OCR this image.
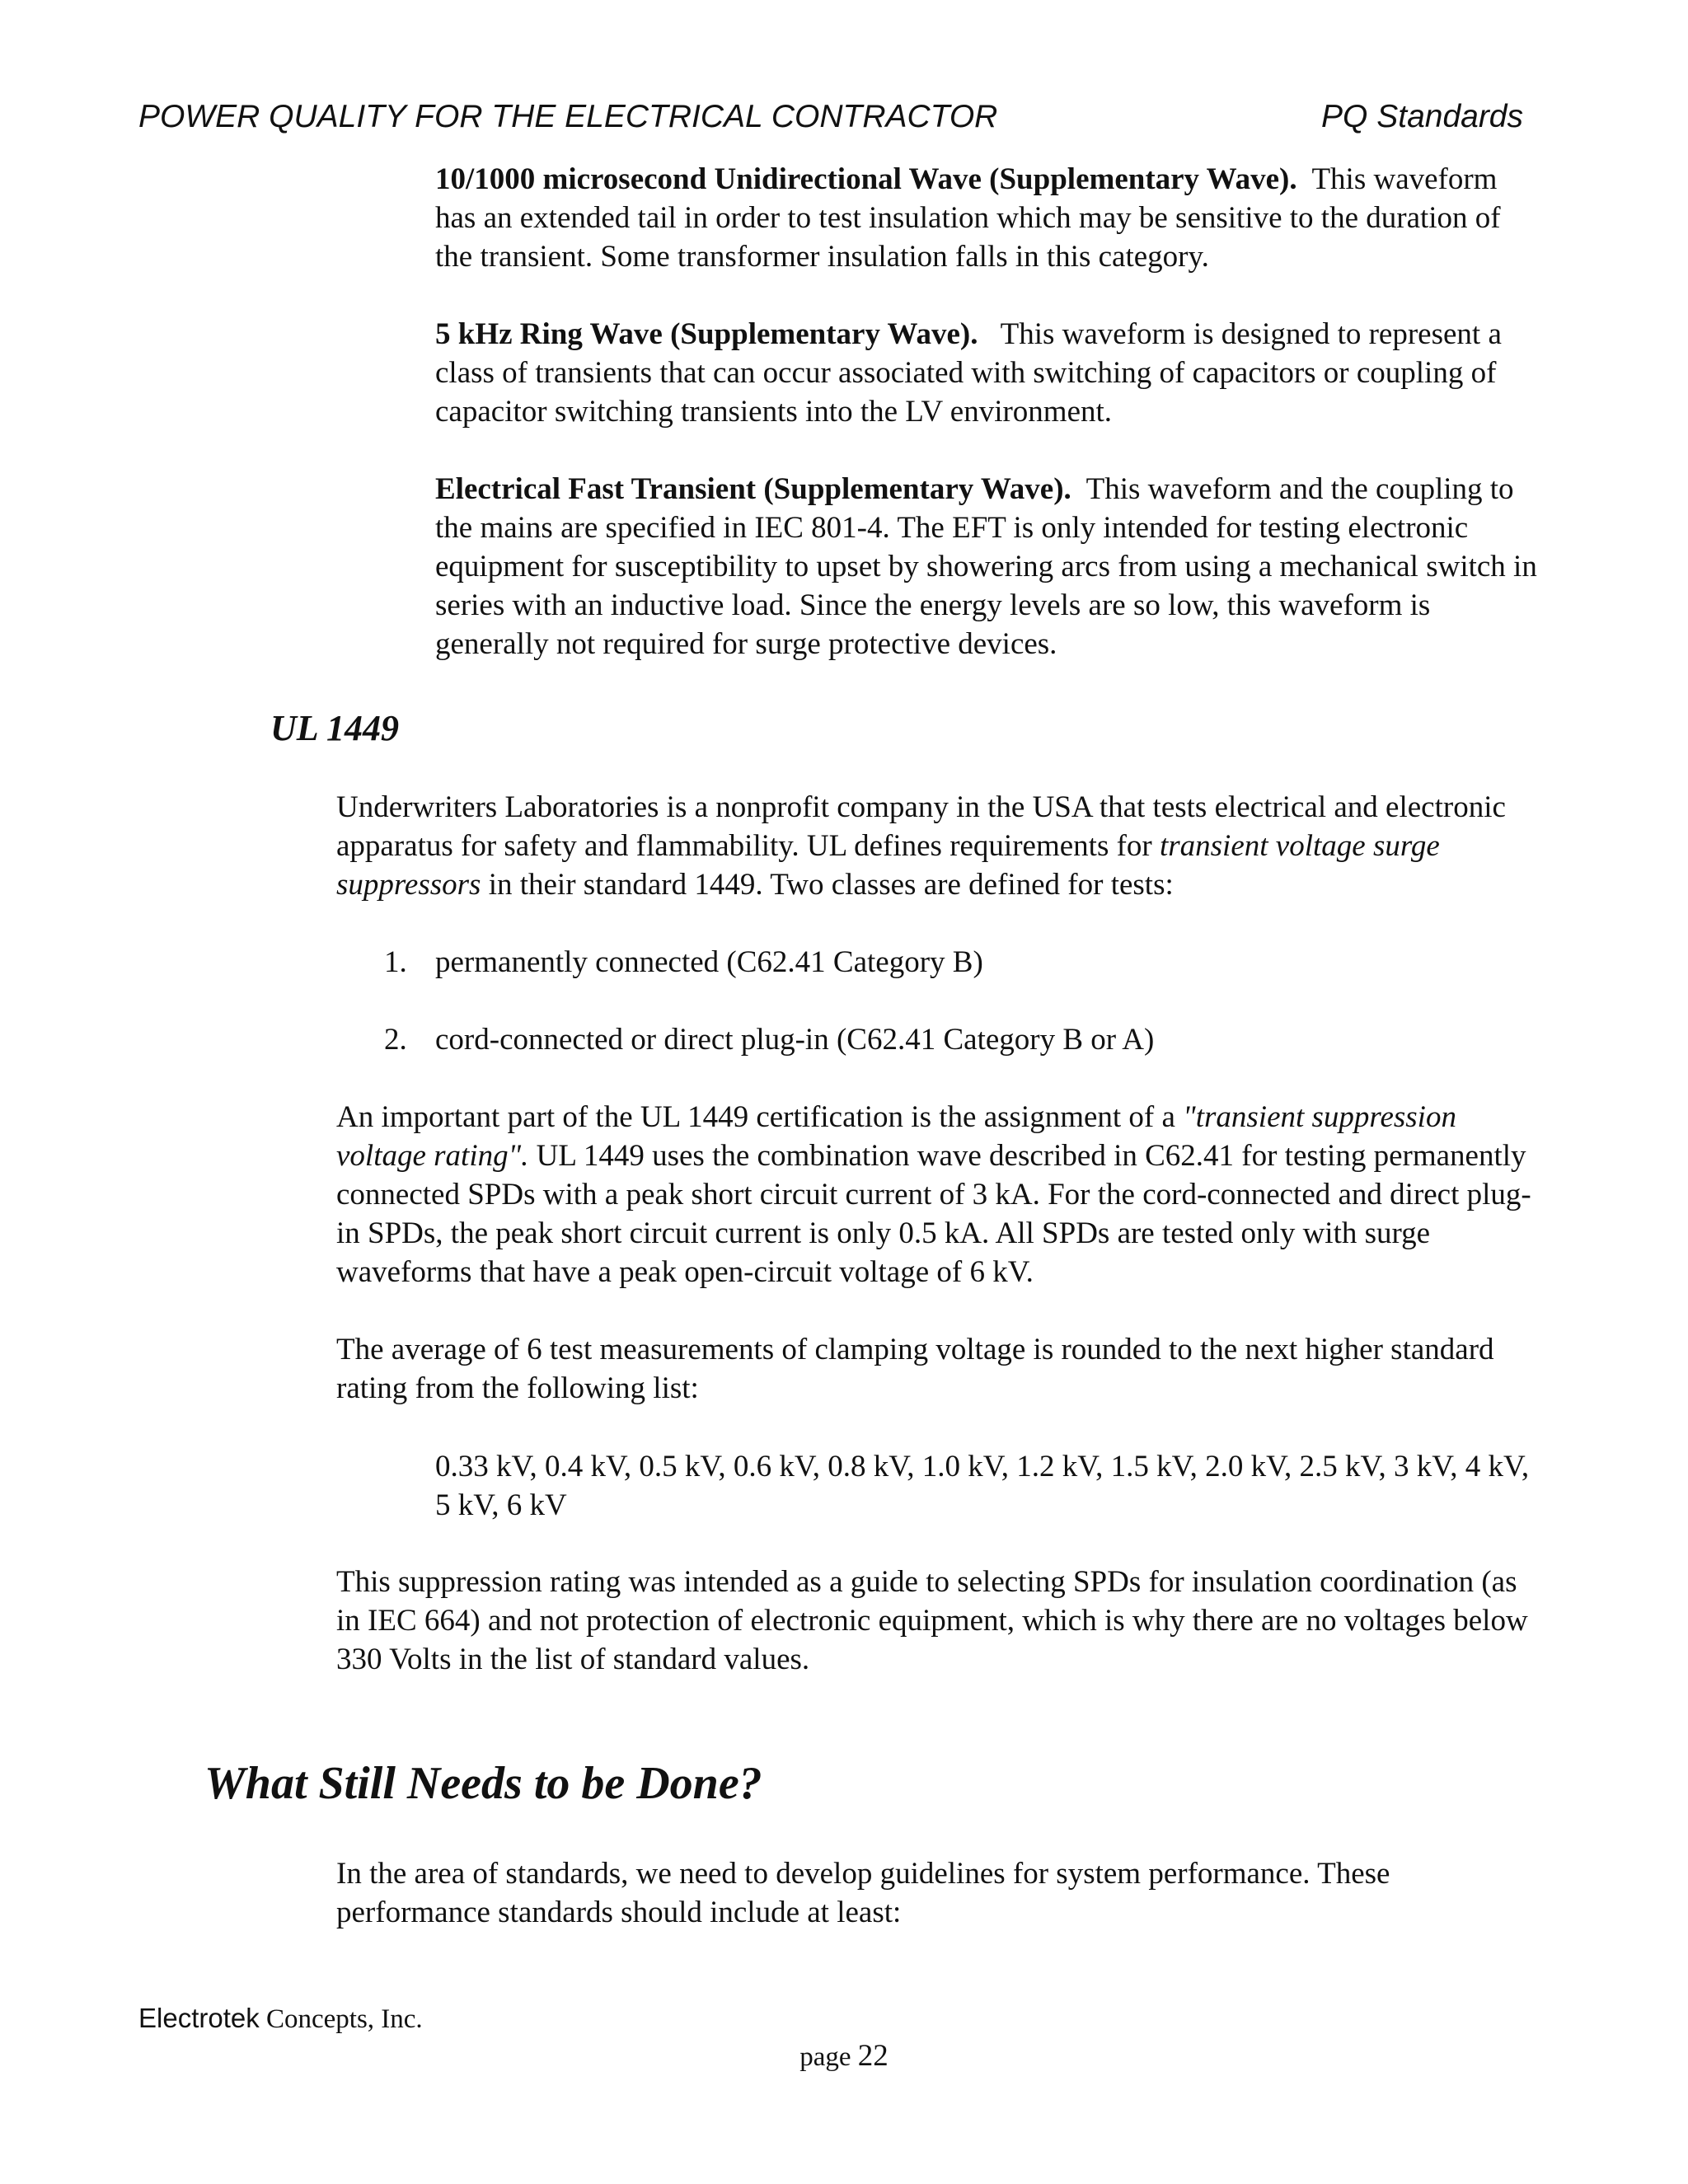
POWER QUALITY FOR THE ELECTRICAL CONTRACTOR	PQ Standards

10/1000 microsecond Unidirectional Wave (Supplementary Wave). This waveform has an extended tail in order to test insulation which may be sensitive to the duration of the transient. Some transformer insulation falls in this category.

5 kHz Ring Wave (Supplementary Wave). This waveform is designed to represent a class of transients that can occur associated with switching of capacitors or coupling of capacitor switching transients into the LV environment.

Electrical Fast Transient (Supplementary Wave). This waveform and the coupling to the mains are specified in IEC 801-4. The EFT is only intended for testing electronic equipment for susceptibility to upset by showering arcs from using a mechanical switch in series with an inductive load. Since the energy levels are so low, this waveform is generally not required for surge protective devices.

UL 1449

Underwriters Laboratories is a nonprofit company in the USA that tests electrical and electronic apparatus for safety and flammability. UL defines requirements for transient voltage surge suppressors in their standard 1449. Two classes are defined for tests:

1. permanently connected (C62.41 Category B)
2. cord-connected or direct plug-in (C62.41 Category B or A)

An important part of the UL 1449 certification is the assignment of a "transient suppression voltage rating". UL 1449 uses the combination wave described in C62.41 for testing permanently connected SPDs with a peak short circuit current of 3 kA. For the cord-connected and direct plug-in SPDs, the peak short circuit current is only 0.5 kA. All SPDs are tested only with surge waveforms that have a peak open-circuit voltage of 6 kV.

The average of 6 test measurements of clamping voltage is rounded to the next higher standard rating from the following list:

0.33 kV, 0.4 kV, 0.5 kV, 0.6 kV, 0.8 kV, 1.0 kV, 1.2 kV, 1.5 kV, 2.0 kV, 2.5 kV, 3 kV, 4 kV, 5 kV, 6 kV

This suppression rating was intended as a guide to selecting SPDs for insulation coordination (as in IEC 664) and not protection of electronic equipment, which is why there are no voltages below 330 Volts in the list of standard values.

What Still Needs to be Done?

In the area of standards, we need to develop guidelines for system performance. These performance standards should include at least:

Electrotek Concepts, Inc.
page 22
